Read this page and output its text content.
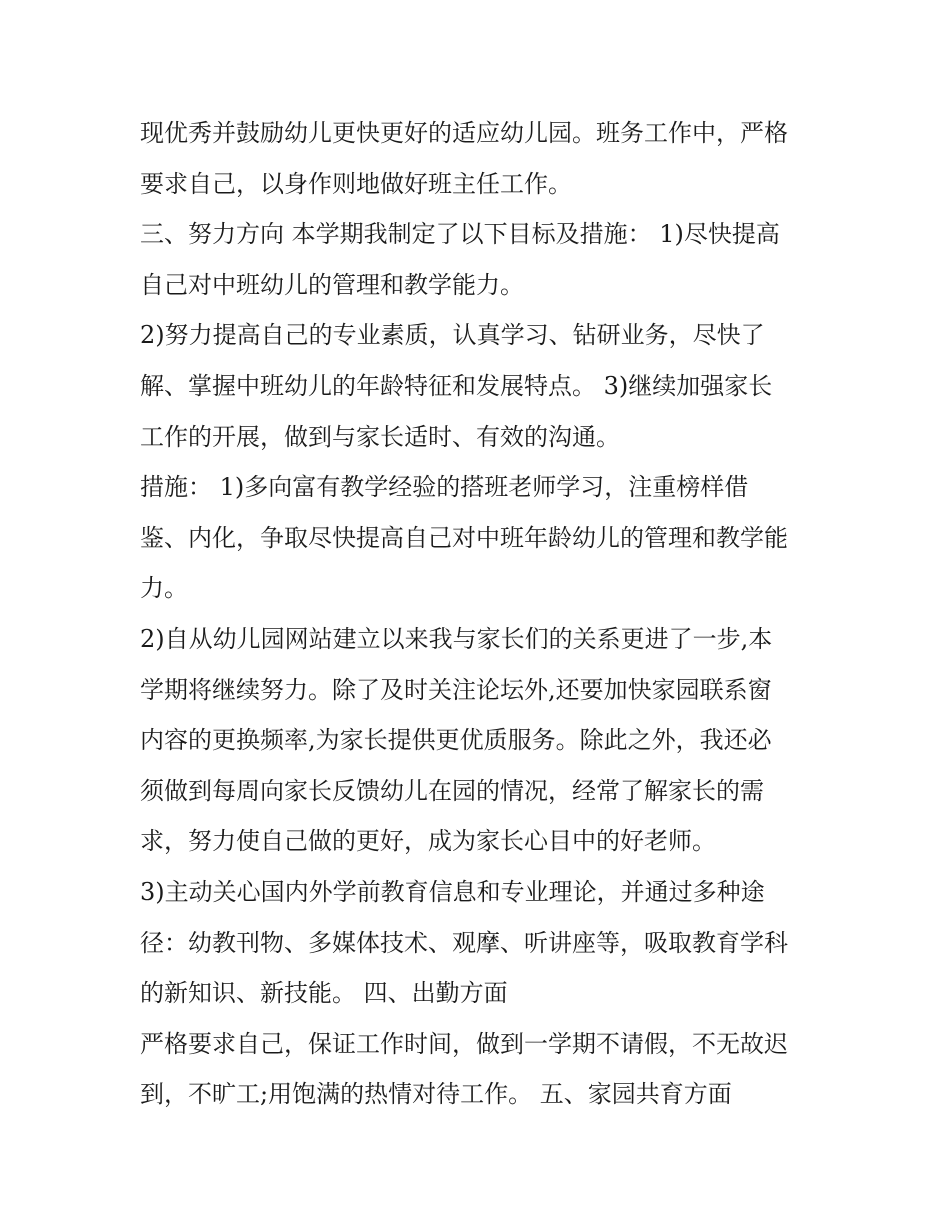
现优秀并鼓励幼儿更快更好的适应幼儿园。班务工作中，严格

要求自己，以身作则地做好班主任工作。

三、努力方向 本学期我制定了以下目标及措施： 1)尽快提高

自己对中班幼儿的管理和教学能力。

2)努力提高自己的专业素质，认真学习、钻研业务，尽快了

解、掌握中班幼儿的年龄特征和发展特点。 3)继续加强家长

工作的开展，做到与家长适时、有效的沟通。

措施： 1)多向富有教学经验的搭班老师学习，注重榜样借

鉴、内化，争取尽快提高自己对中班年龄幼儿的管理和教学能

力。

2)自从幼儿园网站建立以来我与家长们的关系更进了一步,本

学期将继续努力。除了及时关注论坛外,还要加快家园联系窗

内容的更换频率,为家长提供更优质服务。除此之外，我还必

须做到每周向家长反馈幼儿在园的情况，经常了解家长的需

求，努力使自己做的更好，成为家长心目中的好老师。

3)主动关心国内外学前教育信息和专业理论，并通过多种途

径：幼教刊物、多媒体技术、观摩、听讲座等，吸取教育学科

的新知识、新技能。 四、出勤方面

严格要求自己，保证工作时间，做到一学期不请假，不无故迟

到，不旷工;用饱满的热情对待工作。 五、家园共育方面
